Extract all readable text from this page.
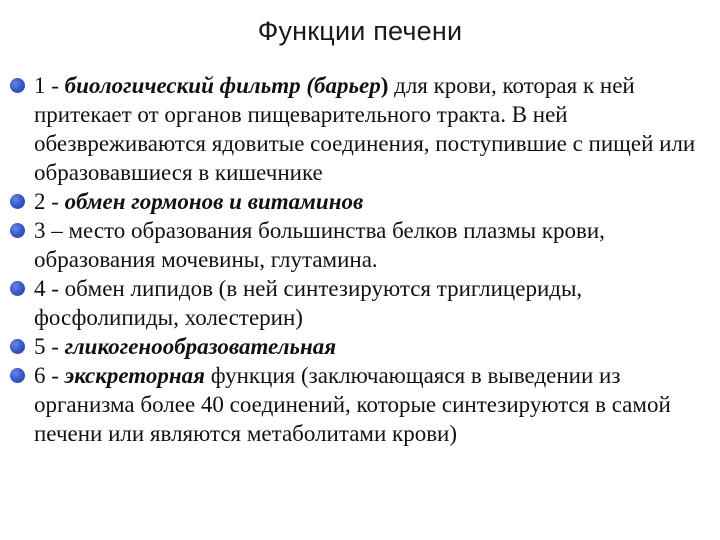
Функции печени
1 - биологический фильтр (барьер) для крови, которая к ней притекает от органов пищеварительного тракта. В ней обезвреживаются ядовитые соединения, поступившие с пищей или образовавшиеся в кишечнике
2 - обмен гормонов и витаминов
3 – место образования большинства белков плазмы крови, образования мочевины, глутамина.
4 - обмен липидов (в ней синтезируются триглицериды, фосфолипиды, холестерин)
5 - гликогенообразовательная
6 - экскреторная функция (заключающаяся в выведении из организма более 40 соединений, которые синтезируются в самой печени или являются метаболитами крови)
